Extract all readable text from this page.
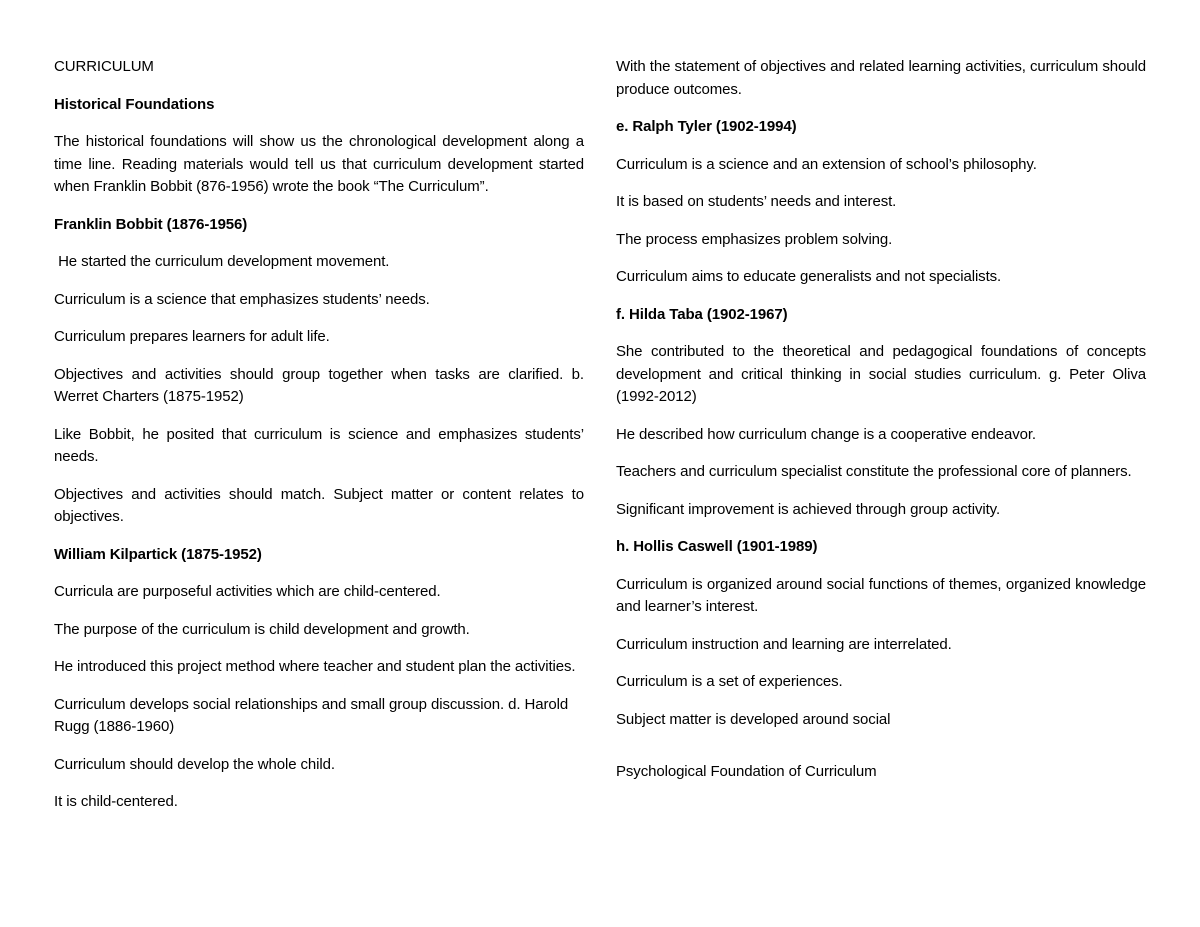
CURRICULUM

Historical Foundations

The historical foundations will show us the chronological development along a time line. Reading materials would tell us that curriculum development started when Franklin Bobbit (876-1956) wrote the book “The Curriculum”.

Franklin Bobbit (1876-1956)

He started the curriculum development movement.

Curriculum is a science that emphasizes students’ needs.

Curriculum prepares learners for adult life.

Objectives and activities should group together when tasks are clarified. b. Werret Charters (1875-1952)

Like Bobbit, he posited that curriculum is science and emphasizes students’ needs.

Objectives and activities should match. Subject matter or content relates to objectives.

William Kilpartick (1875-1952)

Curricula are purposeful activities which are child-centered.

The purpose of the curriculum is child development and growth.

He introduced this project method where teacher and student plan the activities.

Curriculum develops social relationships and small group discussion. d. Harold Rugg (1886-1960)

Curriculum should develop the whole child.

It is child-centered.

With the statement of objectives and related learning activities, curriculum should produce outcomes.

e. Ralph Tyler (1902-1994)

Curriculum is a science and an extension of school’s philosophy.

It is based on students’ needs and interest.

The process emphasizes problem solving.

Curriculum aims to educate generalists and not specialists.

f. Hilda Taba (1902-1967)

She contributed to the theoretical and pedagogical foundations of concepts development and critical thinking in social studies curriculum. g. Peter Oliva (1992-2012)

He described how curriculum change is a cooperative endeavor.

Teachers and curriculum specialist constitute the professional core of planners.

Significant improvement is achieved through group activity.

h. Hollis Caswell (1901-1989)

Curriculum is organized around social functions of themes, organized knowledge and learner’s interest.

Curriculum instruction and learning are interrelated.

Curriculum is a set of experiences.

Subject matter is developed around social

Psychological Foundation of Curriculum
